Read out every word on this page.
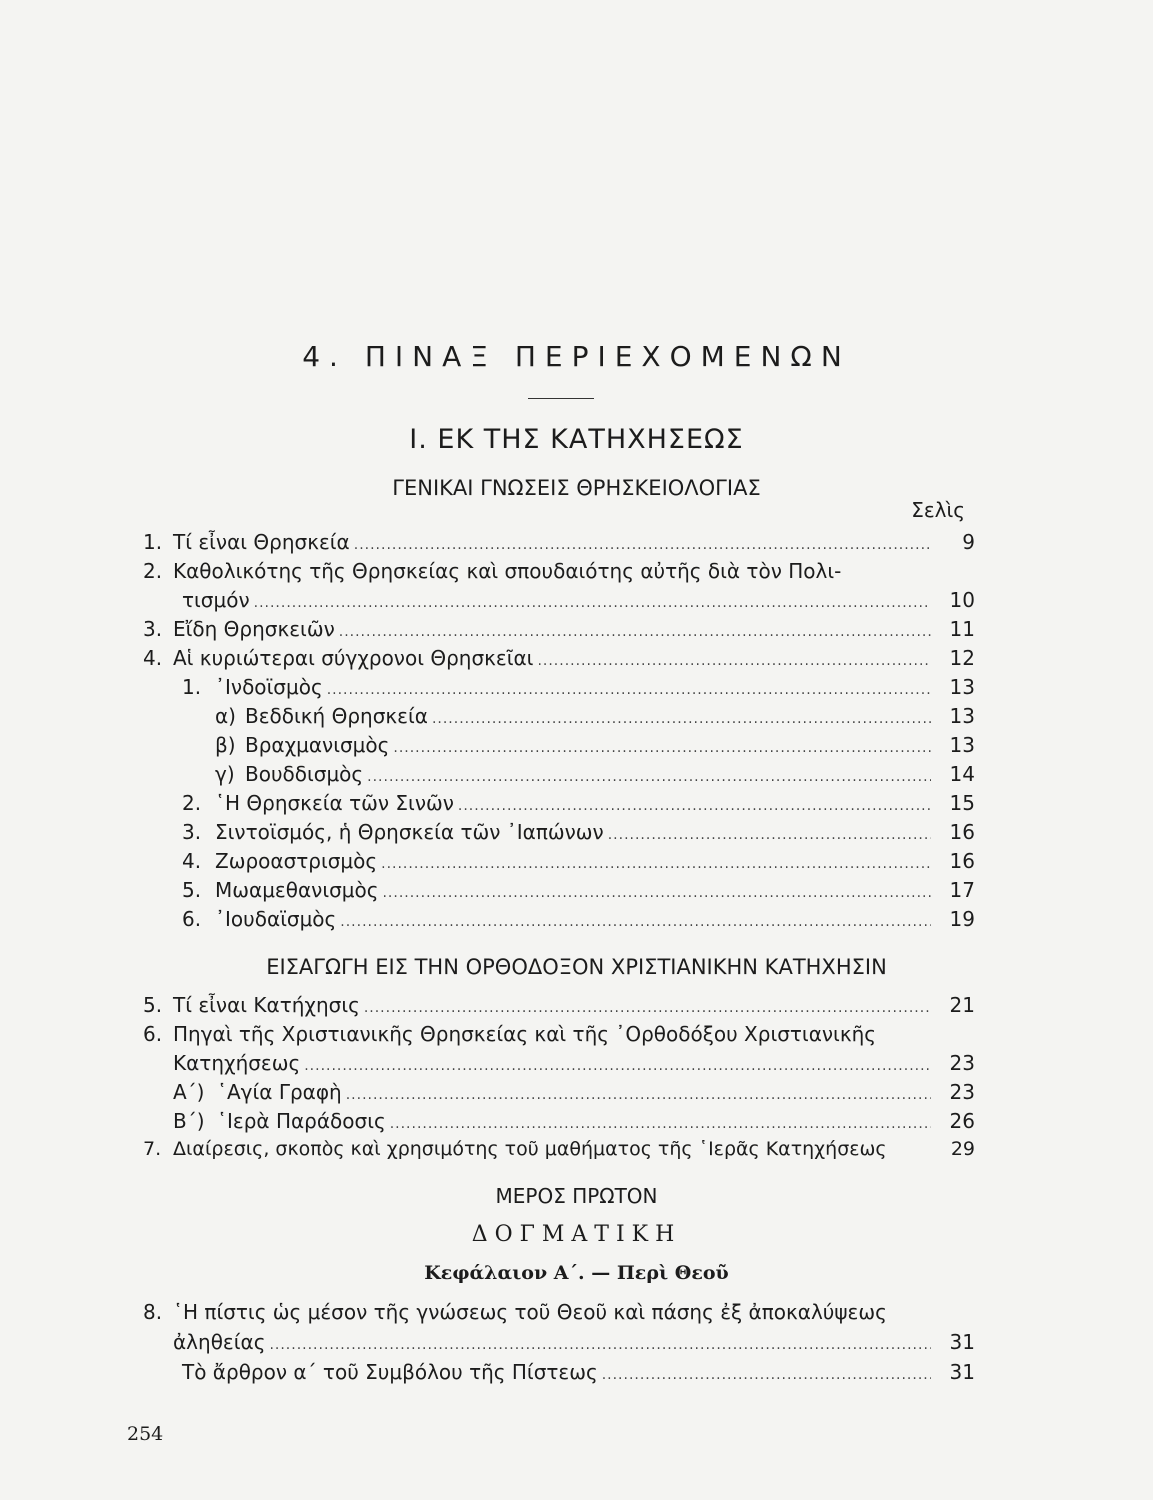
4. ΠΙΝΑΞ ΠΕΡΙΕΧΟΜΕΝΩΝ
Ι. ΕΚ ΤΗΣ ΚΑΤΗΧΗΣΕΩΣ
ΓΕΝΙΚΑΙ ΓΝΩΣΕΙΣ ΘΡΗΣΚΕΙΟΛΟΓΙΑΣ
Σελὶς
1. Τί εἶναι Θρησκεία .....	9
2. Καθολικότης τῆς Θρησκείας καὶ σπουδαιότης αὐτῆς διὰ τὸν Πολι-
τισμόν .....	10
3. Εἴδη Θρησκειῶν .....	11
4. Αἱ κυριώτεραι σύγχρονοι Θρησκεῖαι .....	12
1. ᾿Ινδοϊσμὸς .....	13
α) Βεδδική Θρησκεία .....	13
β) Βραχμανισμὸς .....	13
γ) Βουδδισμὸς .....	14
2. ῾Η Θρησκεία τῶν Σινῶν .....	15
3. Σιντοϊσμός, ἡ Θρησκεία τῶν ᾿Ιαπώνων .....	16
4. Ζωροαστρισμὸς .....	16
5. Μωαμεθανισμὸς .....	17
6. ᾿Ιουδαϊσμὸς .....	19
ΕΙΣΑΓΩΓΗ ΕΙΣ ΤΗΝ ΟΡΘΟΔΟΞΟΝ ΧΡΙΣΤΙΑΝΙΚΗΝ ΚΑΤΗΧΗΣΙΝ
5. Τί εἶναι Κατήχησις .....	21
6. Πηγαὶ τῆς Χριστιανικῆς Θρησκείας καὶ τῆς ᾿Ορθοδόξου Χριστιανικῆς
Κατηχήσεως .....	23
Α΄) ῾Αγία Γραφὴ .....	23
Β΄) ῾Ιερὰ Παράδοσις .....	26
7. Διαίρεσις, σκοπὸς καὶ χρησιμότης τοῦ μαθήματος τῆς ῾Ιερᾶς Κατηχήσεως	29
ΜΕΡΟΣ ΠΡΩΤΟΝ
ΔΟΓΜΑΤΙΚΗ
Κεφάλαιον Α΄. — Περὶ Θεοῦ
8. ῾Η πίστις ὡς μέσον τῆς γνώσεως τοῦ Θεοῦ καὶ πάσης ἐξ ἀποκαλύψεως
ἀληθείας .....	31
Τὸ ἄρθρον α΄ τοῦ Συμβόλου τῆς Πίστεως .....	31
254
